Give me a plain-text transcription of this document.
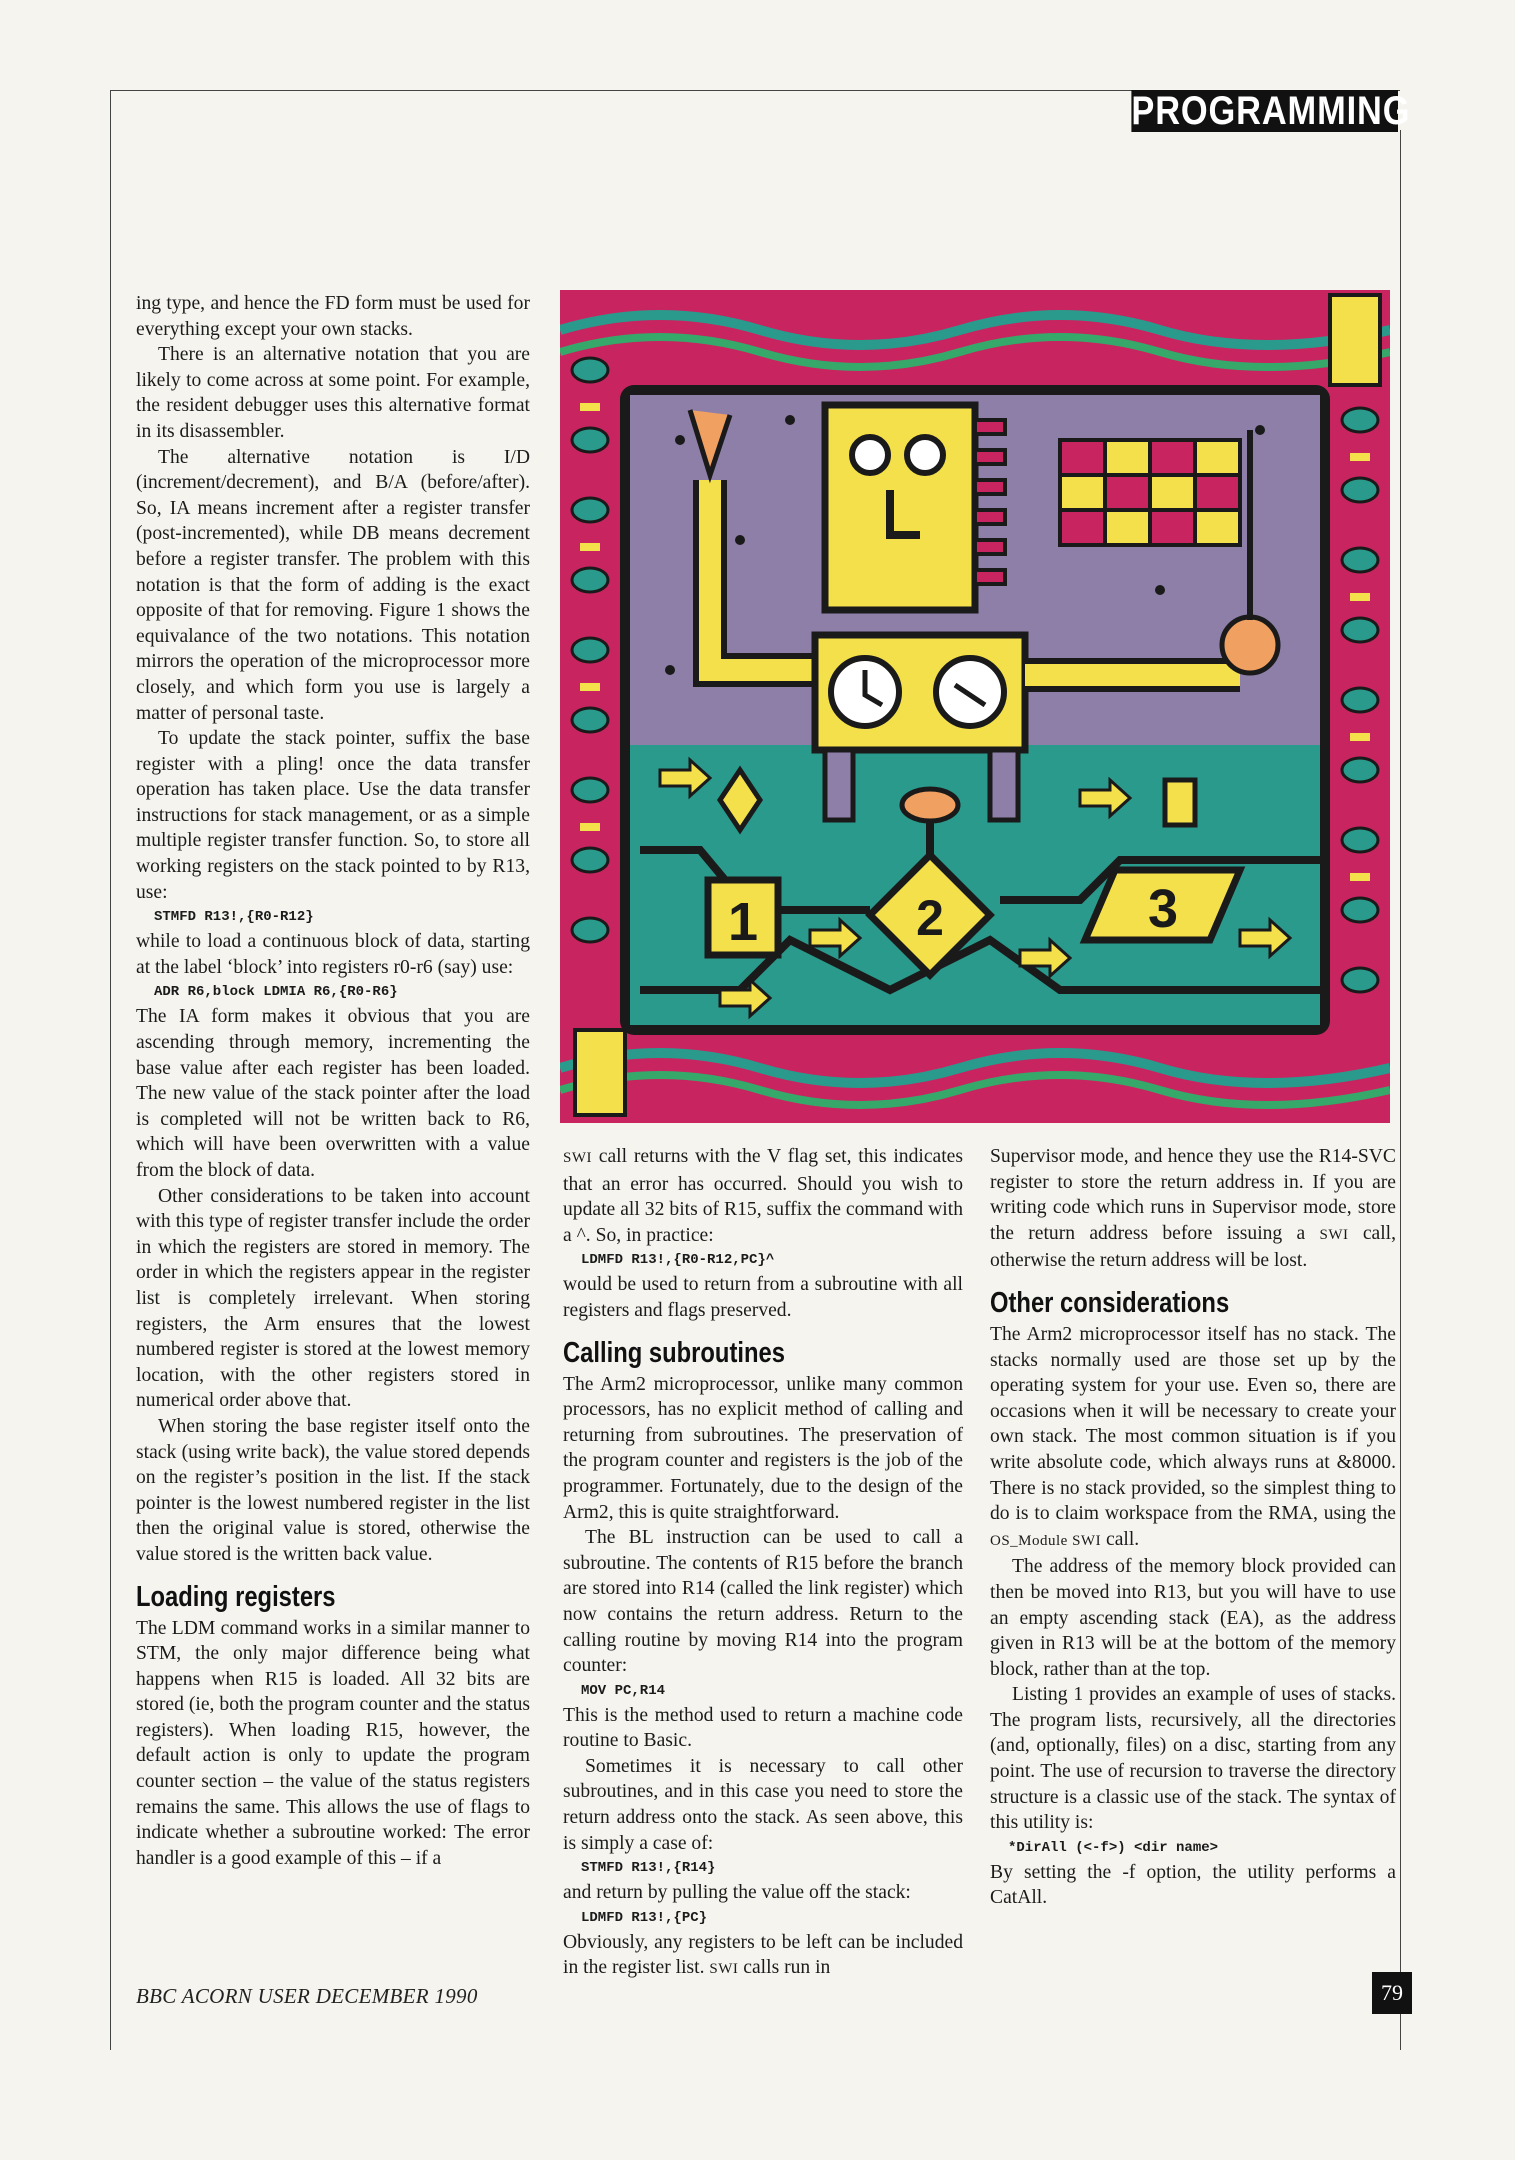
PROGRAMMING

ing type, and hence the FD form must be used for everything except your own stacks.

There is an alternative notation that you are likely to come across at some point. For example, the resident debugger uses this alternative format in its disassembler.

The alternative notation is I/D (increment/decrement), and B/A (before/after). So, IA means increment after a register transfer (post-incremented), while DB means decrement before a register transfer. The problem with this notation is that the form of adding is the exact opposite of that for removing. Figure 1 shows the equivalance of the two notations. This notation mirrors the operation of the microprocessor more closely, and which form you use is largely a matter of personal taste.

To update the stack pointer, suffix the base register with a pling! once the data transfer operation has taken place. Use the data transfer instructions for stack management, or as a simple multiple register transfer function. So, to store all working registers on the stack pointed to by R13, use:

STMFD R13!,{R0-R12}

while to load a continuous block of data, starting at the label ‘block’ into registers r0-r6 (say) use:

ADR R6,block LDMIA R6,{R0-R6}

The IA form makes it obvious that you are ascending through memory, incrementing the base value after each register has been loaded. The new value of the stack pointer after the load is completed will not be written back to R6, which will have been overwritten with a value from the block of data.

Other considerations to be taken into account with this type of register transfer include the order in which the registers are stored in memory. The order in which the registers appear in the register list is completely irrelevant. When storing registers, the Arm ensures that the lowest numbered register is stored at the lowest memory location, with the other registers stored in numerical order above that.

When storing the base register itself onto the stack (using write back), the value stored depends on the register’s position in the list. If the stack pointer is the lowest numbered register in the list then the original value is stored, otherwise the value stored is the written back value.

Loading registers

The LDM command works in a similar manner to STM, the only major difference being what happens when R15 is loaded. All 32 bits are stored (ie, both the program counter and the status registers). When loading R15, however, the default action is only to update the program counter section – the value of the status registers remains the same. This allows the use of flags to indicate whether a subroutine worked: The error handler is a good example of this – if a

1	2	3

SWI call returns with the V flag set, this indicates that an error has occurred. Should you wish to update all 32 bits of R15, suffix the command with a ^. So, in practice:

LDMFD R13!,{R0-R12,PC}^

would be used to return from a subroutine with all registers and flags preserved.

Calling subroutines

The Arm2 microprocessor, unlike many common processors, has no explicit method of calling and returning from subroutines. The preservation of the program counter and registers is the job of the programmer. Fortunately, due to the design of the Arm2, this is quite straightforward.

The BL instruction can be used to call a subroutine. The contents of R15 before the branch are stored into R14 (called the link register) which now contains the return address. Return to the calling routine by moving R14 into the program counter:

MOV PC,R14

This is the method used to return a machine code routine to Basic.

Sometimes it is necessary to call other subroutines, and in this case you need to store the return address onto the stack. As seen above, this is simply a case of:

STMFD R13!,{R14}

and return by pulling the value off the stack:

LDMFD R13!,{PC}

Obviously, any registers to be left can be included in the register list. SWI calls run in

Supervisor mode, and hence they use the R14-SVC register to store the return address in. If you are writing code which runs in Supervisor mode, store the return address before issuing a SWI call, otherwise the return address will be lost.

Other considerations

The Arm2 microprocessor itself has no stack. The stacks normally used are those set up by the operating system for your use. Even so, there are occasions when it will be necessary to create your own stack. The most common situation is if you write absolute code, which always runs at &8000. There is no stack provided, so the simplest thing to do is to claim workspace from the RMA, using the OS_Module SWI call.

The address of the memory block provided can then be moved into R13, but you will have to use an empty ascending stack (EA), as the address given in R13 will be at the bottom of the memory block, rather than at the top.

Listing 1 provides an example of uses of stacks. The program lists, recursively, all the directories (and, optionally, files) on a disc, starting from any point. The use of recursion to traverse the directory structure is a classic use of the stack. The syntax of this utility is:

*DirAll (<-f>) <dir name>

By setting the -f option, the utility performs a CatAll.

BBC ACORN USER DECEMBER 1990	79
